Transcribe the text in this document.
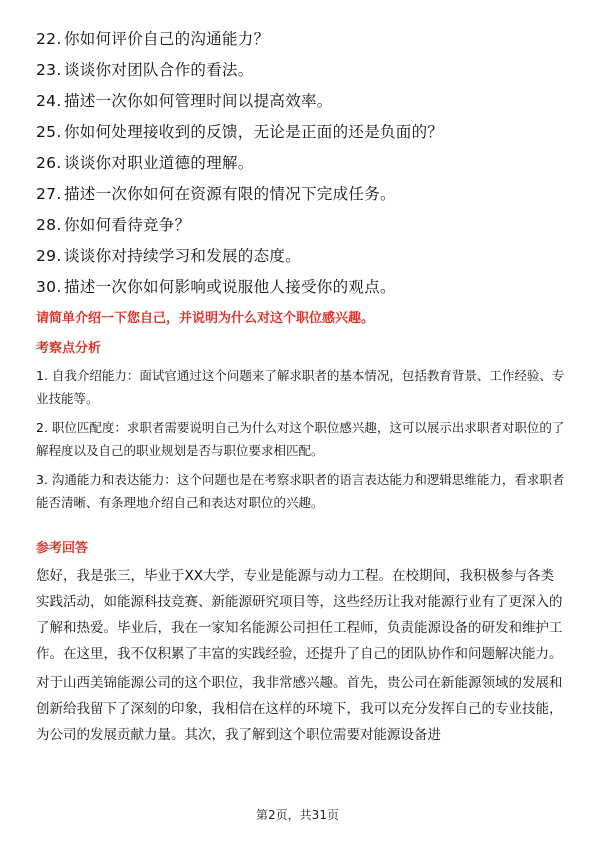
22. 你如何评价自己的沟通能力？
23. 谈谈你对团队合作的看法。
24. 描述一次你如何管理时间以提高效率。
25. 你如何处理接收到的反馈，无论是正面的还是负面的？
26. 谈谈你对职业道德的理解。
27. 描述一次你如何在资源有限的情况下完成任务。
28. 你如何看待竞争？
29. 谈谈你对持续学习和发展的态度。
30. 描述一次你如何影响或说服他人接受你的观点。
请简单介绍一下您自己，并说明为什么对这个职位感兴趣。
考察点分析

1. 自我介绍能力：面试官通过这个问题来了解求职者的基本情况，包括教育背景、工作经验、专业技能等。

2. 职位匹配度：求职者需要说明自己为什么对这个职位感兴趣，这可以展示出求职者对职位的了解程度以及自己的职业规划是否与职位要求相匹配。

3. 沟通能力和表达能力：这个问题也是在考察求职者的语言表达能力和逻辑思维能力，看求职者能否清晰、有条理地介绍自己和表达对职位的兴趣。

参考回答

您好，我是张三，毕业于XX大学，专业是能源与动力工程。在校期间，我积极参与各类实践活动，如能源科技竞赛、新能源研究项目等，这些经历让我对能源行业有了更深入的了解和热爱。毕业后，我在一家知名能源公司担任工程师，负责能源设备的研发和维护工作。在这里，我不仅积累了丰富的实践经验，还提升了自己的团队协作和问题解决能力。

对于山西美锦能源公司的这个职位，我非常感兴趣。首先，贵公司在新能源领域的发展和创新给我留下了深刻的印象，我相信在这样的环境下，我可以充分发挥自己的专业技能，为公司的发展贡献力量。其次，我了解到这个职位需要对能源设备进

第2页，共31页
